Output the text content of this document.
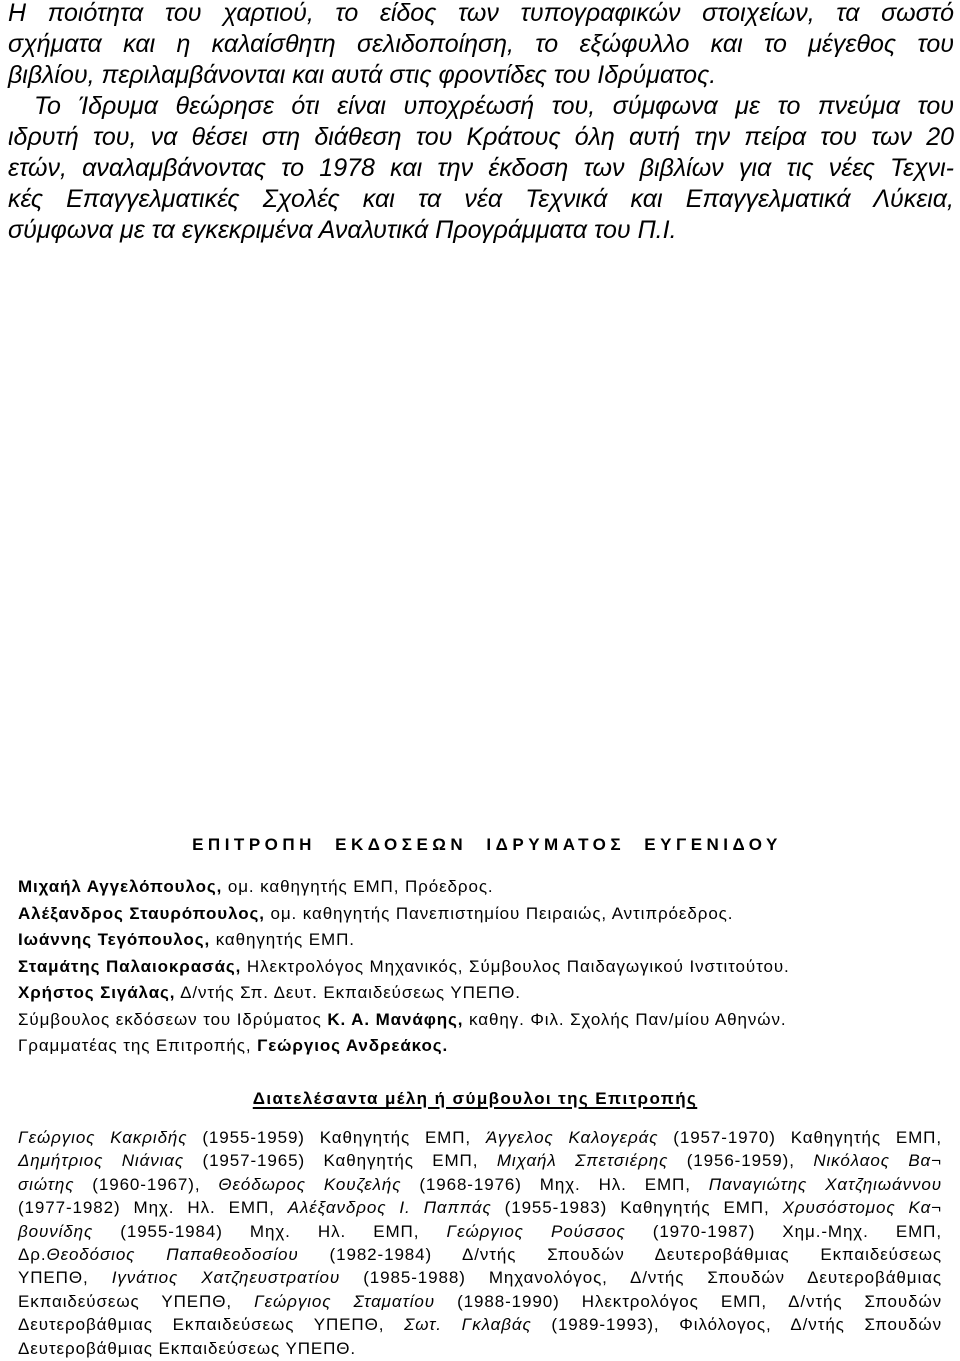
Η ποιότητα του χαρτιού, το είδος των τυπογραφικών στοιχείων, τα σωστό
σχήματα και η καλαίσθητη σελιδοποίηση, το εξώφυλλο και το μέγεθος του
βιβλίου, περιλαμβάνονται και αυτά στις φροντίδες του Ιδρύματος.
Το Ίδρυμα θεώρησε ότι είναι υποχρέωσή του, σύμφωνα με το πνεύμα του
ιδρυτή του, να θέσει στη διάθεση του Κράτους όλη αυτή την πείρα του των 20
ετών, αναλαμβάνοντας το 1978 και την έκδοση των βιβλίων για τις νέες Τεχνι-
κές Επαγγελματικές Σχολές και τα νέα Τεχνικά και Επαγγελματικά Λύκεια,
σύμφωνα με τα εγκεκριμένα Αναλυτικά Προγράμματα του Π.Ι.
ΕΠΙΤΡΟΠΗ ΕΚΔΟΣΕΩΝ ΙΔΡΥΜΑΤΟΣ ΕΥΓΕΝΙΔΟΥ
Μιχαήλ Αγγελόπουλος, ομ. καθηγητής ΕΜΠ, Πρόεδρος.
Αλέξανδρος Σταυρόπουλος, ομ. καθηγητής Πανεπιστημίου Πειραιώς, Αντιπρόεδρος.
Ιωάννης Τεγόπουλος, καθηγητής ΕΜΠ.
Σταμάτης Παλαιοκρασάς, Ηλεκτρολόγος Μηχανικός, Σύμβουλος Παιδαγωγικού Ινστιτούτου.
Χρήστος Σιγάλας, Δ/ντής Σπ. Δευτ. Εκπαιδεύσεως ΥΠΕΠΘ.
Σύμβουλος εκδόσεων του Ιδρύματος Κ. Α. Μανάφης, καθηγ. Φιλ. Σχολής Παν/μίου Αθηνών.
Γραμματέας της Επιτροπής, Γεώργιος Ανδρεάκος.
Διατελέσαντα μέλη ή σύμβουλοι της Επιτροπής
Γεώργιος Κακριδής (1955-1959) Καθηγητής ΕΜΠ, Άγγελος Καλογεράς (1957-1970) Καθηγητής ΕΜΠ,
Δημήτριος Νιάνιας (1957-1965) Καθηγητής ΕΜΠ, Μιχαήλ Σπετσιέρης (1956-1959), Νικόλαος Βα¬
σιώτης (1960-1967), Θεόδωρος Κουζελής (1968-1976) Μηχ. Ηλ. ΕΜΠ, Παναγιώτης Χατζηιωάννου
(1977-1982) Μηχ. Ηλ. ΕΜΠ, Αλέξανδρος Ι. Παππάς (1955-1983) Καθηγητής ΕΜΠ, Χρυσόστομος Κα¬
βουνίδης (1955-1984) Μηχ. Ηλ. ΕΜΠ, Γεώργιος Ρούσσος (1970-1987) Χημ.-Μηχ. ΕΜΠ,
Δρ.Θεοδόσιος Παπαθεοδοσίου (1982-1984) Δ/ντής Σπουδών Δευτεροβάθμιας Εκπαιδεύσεως
ΥΠΕΠΘ, Ιγνάτιος Χατζηευστρατίου (1985-1988) Μηχανολόγος, Δ/ντής Σπουδών Δευτεροβάθμιας
Εκπαιδεύσεως ΥΠΕΠΘ, Γεώργιος Σταματίου (1988-1990) Ηλεκτρολόγος ΕΜΠ, Δ/ντής Σπουδών
Δευτεροβάθμιας Εκπαιδεύσεως ΥΠΕΠΘ, Σωτ. Γκλαβάς (1989-1993), Φιλόλογος, Δ/ντής Σπουδών
Δευτεροβάθμιας Εκπαιδεύσεως ΥΠΕΠΘ.
